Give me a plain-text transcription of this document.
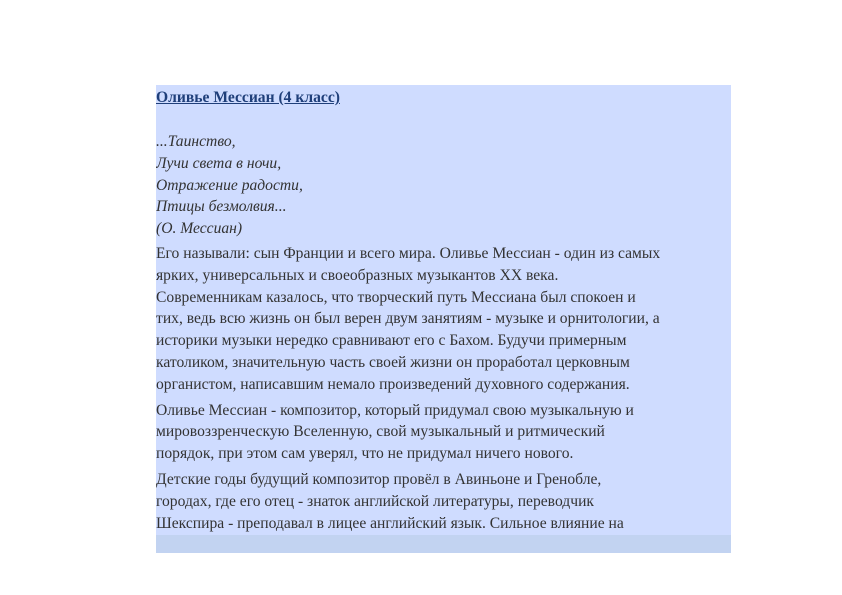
Оливье Мессиан (4 класс)

...Таинство,
Лучи света в ночи,
Отражение радости,
Птицы безмолвия...
(О. Мессиан)

Его называли: сын Франции и всего мира. Оливье Мессиан - один из самых
ярких, универсальных и своеобразных музыкантов XX века.
Современникам казалось, что творческий путь Мессиана был спокоен и
тих, ведь всю жизнь он был верен двум занятиям - музыке и орнитологии, а
историки музыки нередко сравнивают его с Бахом. Будучи примерным
католиком, значительную часть своей жизни он проработал церковным
органистом, написавшим немало произведений духовного содержания.

Оливье Мессиан - композитор, который придумал свою музыкальную и
мировоззренческую Вселенную, свой музыкальный и ритмический
порядок, при этом сам уверял, что не придумал ничего нового.

Детские годы будущий композитор провёл в Авиньоне и Гренобле,
городах, где его отец - знаток английской литературы, переводчик
Шекспира - преподавал в лицее английский язык. Сильное влияние на
